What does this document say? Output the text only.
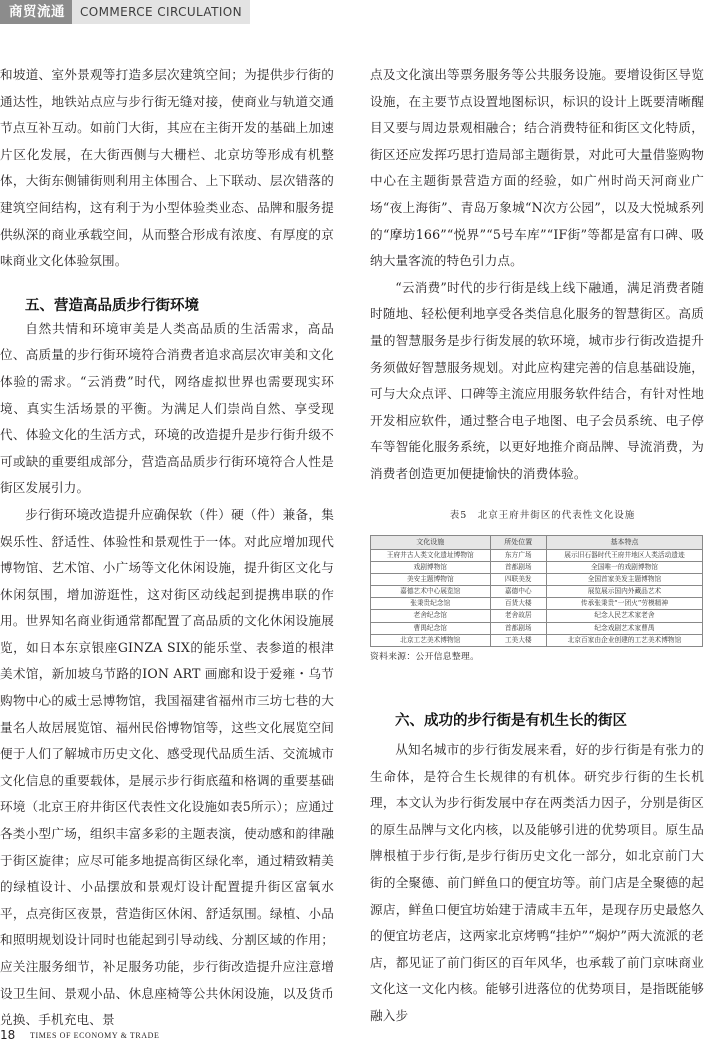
商贸流通	COMMERCE CIRCULATION

和坡道、室外景观等打造多层次建筑空间；为提供步行街的通达性，地铁站点应与步行街无缝对接，使商业与轨道交通节点互补互动。如前门大街，其应在主街开发的基础上加速片区化发展，在大街西侧与大栅栏、北京坊等形成有机整体，大街东侧铺街则利用主体围合、上下联动、层次错落的建筑空间结构，这有利于为小型体验类业态、品牌和服务提供纵深的商业承载空间，从而整合形成有浓度、有厚度的京味商业文化体验氛围。

五、营造高品质步行街环境

自然共情和环境审美是人类高品质的生活需求，高品位、高质量的步行街环境符合消费者追求高层次审美和文化体验的需求。“云消费”时代，网络虚拟世界也需要现实环境、真实生活场景的平衡。为满足人们崇尚自然、享受现代、体验文化的生活方式，环境的改造提升是步行街升级不可或缺的重要组成部分，营造高品质步行街环境符合人性是街区发展引力。

步行街环境改造提升应确保软（件）硬（件）兼备，集娱乐性、舒适性、体验性和景观性于一体。对此应增加现代博物馆、艺术馆、小广场等文化休闲设施，提升街区文化与休闲氛围，增加游逛性，这对街区动线起到提携串联的作用。世界知名商业街通常都配置了高品质的文化休闲设施展览，如日本东京银座GINZA SIX的能乐堂、表参道的根津美术馆，新加坡乌节路的ION ART 画廊和设于爱雍・乌节购物中心的威士忌博物馆，我国福建省福州市三坊七巷的大量名人故居展览馆、福州民俗博物馆等，这些文化展览空间便于人们了解城市历史文化、感受现代品质生活、交流城市文化信息的重要载体，是展示步行街底蕴和格调的重要基础环境（北京王府井街区代表性文化设施如表5所示）；应通过各类小型广场，组织丰富多彩的主题表演，使动感和韵律融于街区旋律；应尽可能多地提高街区绿化率，通过精致精美的绿植设计、小品摆放和景观灯设计配置提升街区富氧水平，点亮街区夜景，营造街区休闲、舒适氛围。绿植、小品和照明规划设计同时也能起到引导动线、分割区域的作用；应关注服务细节，补足服务功能，步行街改造提升应注意增设卫生间、景观小品、休息座椅等公共休闲设施，以及货币兑换、手机充电、景

点及文化演出等票务服务等公共服务设施。要增设街区导览设施，在主要节点设置地图标识，标识的设计上既要清晰醒目又要与周边景观相融合；结合消费特征和街区文化特质，街区还应发挥巧思打造局部主题街景，对此可大量借鉴购物中心在主题街景营造方面的经验，如广州时尚天河商业广场“夜上海街”、青岛万象城“N次方公园”，以及大悦城系列的“摩坊166”“悦界”“5号车库”“IF街”等都是富有口碑、吸纳大量客流的特色引力点。

“云消费”时代的步行街是线上线下融通，满足消费者随时随地、轻松便利地享受各类信息化服务的智慧街区。高质量的智慧服务是步行街发展的软环境，城市步行街改造提升务须做好智慧服务规划。对此应构建完善的信息基础设施，可与大众点评、口碑等主流应用服务软件结合，有针对性地开发相应软件，通过整合电子地图、电子会员系统、电子停车等智能化服务系统，以更好地推介商品牌、导流消费，为消费者创造更加便捷愉快的消费体验。

表5　北京王府井街区的代表性文化设施
文化设施	所处位置	基本特点
王府井古人类文化遗址博物馆	东方广场	展示旧石器时代王府井地区人类活动遗迹
戏剧博物馆	首都剧场	全国唯一的戏剧博物馆
美安主题博物馆	四联美发	全国首家美发主题博物馆
嘉德艺术中心展览馆	嘉德中心	展览展示国内外藏品艺术
张秉贵纪念馆	百货大楼	传承张秉贵“一团火”劳模精神
老舍纪念馆	老舍故居	纪念人民艺术家老舍
曹禺纪念馆	首都剧场	纪念戏剧艺术家曹禺
北京工艺美术博物馆	工美大楼	北京百家由企业创建的工艺美术博物馆
资料来源：公开信息整理。
六、成功的步行街是有机生长的街区

从知名城市的步行街发展来看，好的步行街是有张力的生命体，是符合生长规律的有机体。研究步行街的生长机理，本文认为步行街发展中存在两类活力因子，分别是街区的原生品牌与文化内核，以及能够引进的优势项目。原生品牌根植于步行街,是步行街历史文化一部分，如北京前门大街的全聚德、前门鲜鱼口的便宜坊等。前门店是全聚德的起源店，鲜鱼口便宜坊始建于清咸丰五年，是现存历史最悠久的便宜坊老店，这两家北京烤鸭“挂炉”“焖炉”两大流派的老店，都见证了前门街区的百年风华，也承载了前门京味商业文化这一文化内核。能够引进落位的优势项目，是指既能够融入步

18 TIMES OF ECONOMY & TRADE
